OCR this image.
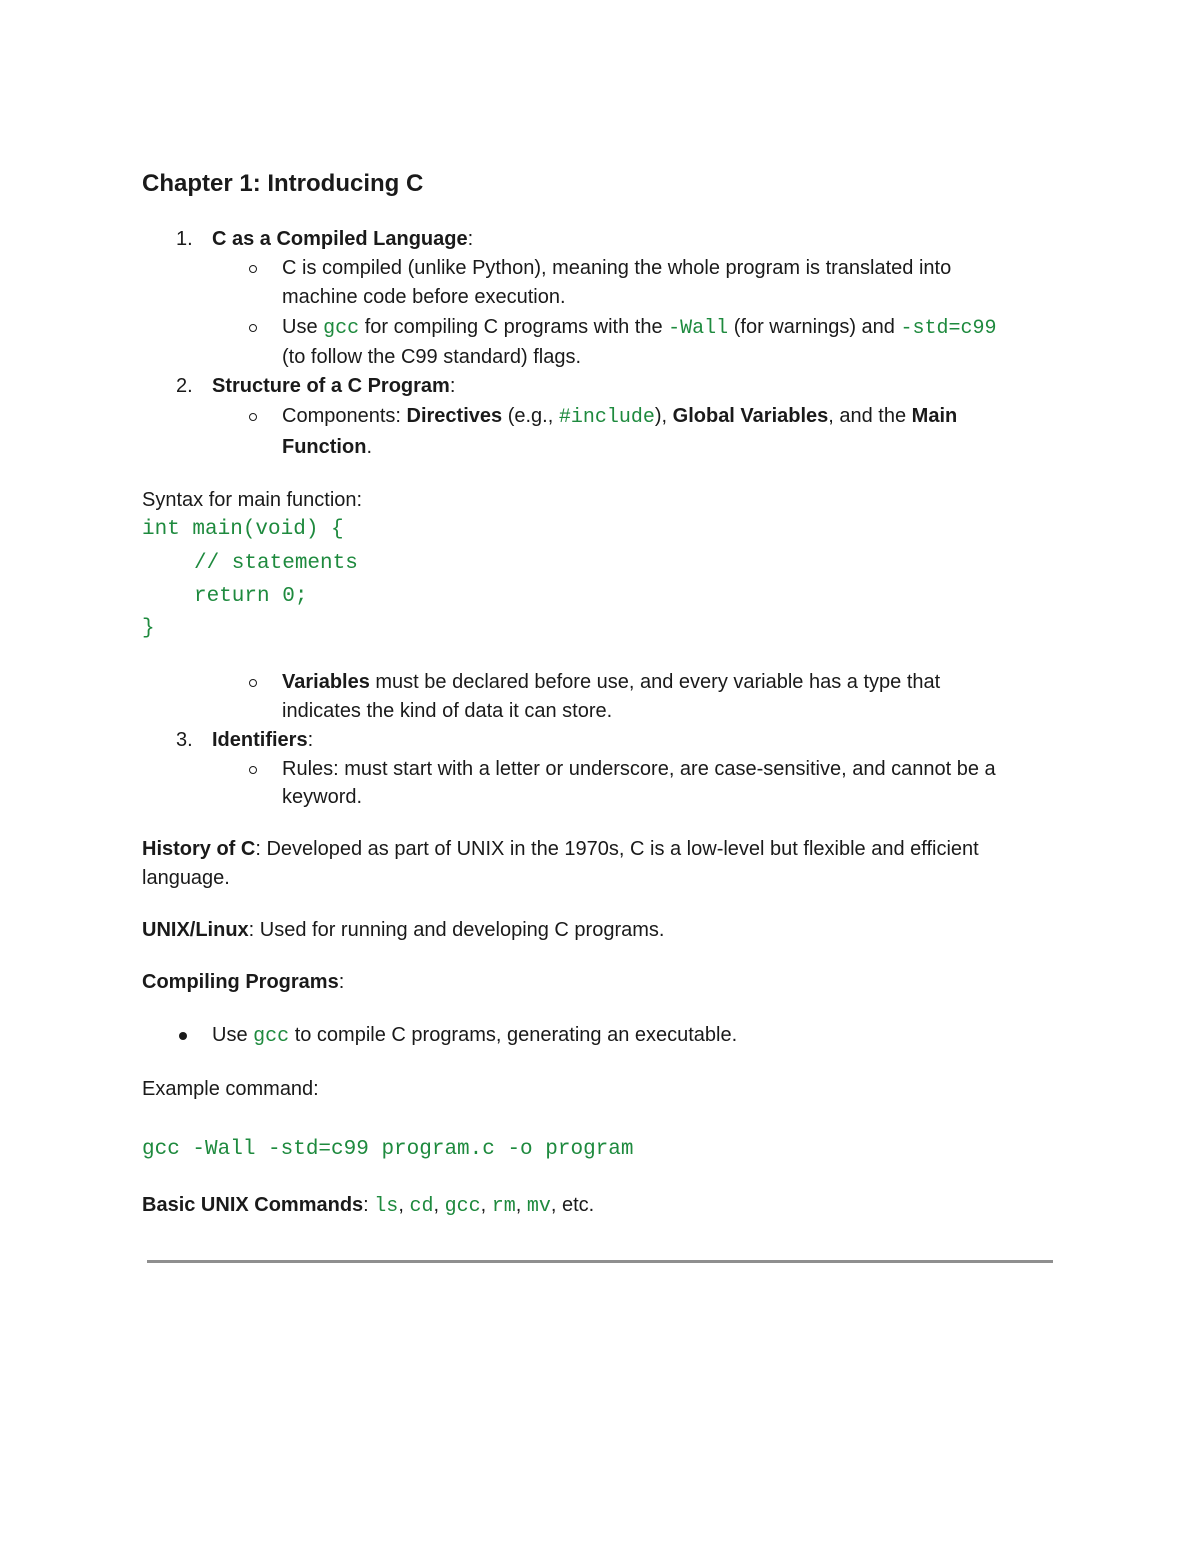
Chapter 1: Introducing C
1. C as a Compiled Language:
C is compiled (unlike Python), meaning the whole program is translated into
machine code before execution.
Use gcc for compiling C programs with the -Wall (for warnings) and -std=c99
(to follow the C99 standard) flags.
2. Structure of a C Program:
Components: Directives (e.g., #include), Global Variables, and the Main
Function.
Syntax for main function:
int main(void) {
// statements
return 0;
}
Variables must be declared before use, and every variable has a type that
indicates the kind of data it can store.
3. Identifiers:
Rules: must start with a letter or underscore, are case-sensitive, and cannot be a
keyword.
History of C: Developed as part of UNIX in the 1970s, C is a low-level but flexible and efficient
language.
UNIX/Linux: Used for running and developing C programs.
Compiling Programs:
Use gcc to compile C programs, generating an executable.
Example command:
gcc -Wall -std=c99 program.c -o program
Basic UNIX Commands: ls, cd, gcc, rm, mv, etc.
